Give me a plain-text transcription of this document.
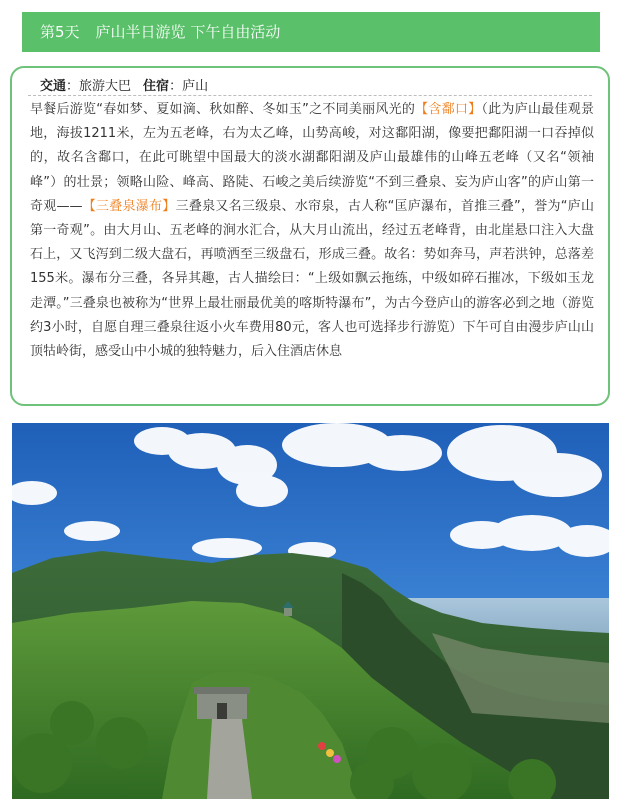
第5天 庐山半日游览 下午自由活动
交通：旅游大巴 住宿：庐山

早餐后游览“春如梦、夏如滴、秋如醉、冬如玉”之不同美丽风光的【含鄱口】（此为庐山最佳观景地，海拔1211米，左为五老峰，右为太乙峰，山势高峻，对这鄱阳湖，像要把鄱阳湖一口吞掉似的，故名含鄱口，在此可眺望中国最大的淡水湖鄱阳湖及庐山最雄伟的山峰五老峰（又名“领袖峰”）的壮景；领略山险、峰高、路陡、石峻之美后续游览“不到三叠泉、妄为庐山客”的庐山第一奇观——【三叠泉瀑布】三叠泉又名三级泉、水帘泉，古人称“匡庐瀑布，首推三叠”，誉为“庐山第一奇观”。由大月山、五老峰的涧水汇合，从大月山流出，经过五老峰背，由北崖悬口注入大盘石上，又飞泻到二级大盘石，再喷洒至三级盘石，形成三叠。故名：势如奔马，声若洪钟，总落差155米。瀑布分三叠，各异其趣，古人描绘曰：“上级如飘云拖练，中级如碎石摧冰，下级如玉龙走潭。”三叠泉也被称为“世界上最壮丽最优美的喀斯特瀑布”，为古今登庐山的游客必到之地（游览约3小时，自愿自理三叠泉往返小火车费用80元，客人也可选择步行游览）下午可自由漫步庐山山顶牯岭街，感受山中小城的独特魅力，后入住酒店休息
